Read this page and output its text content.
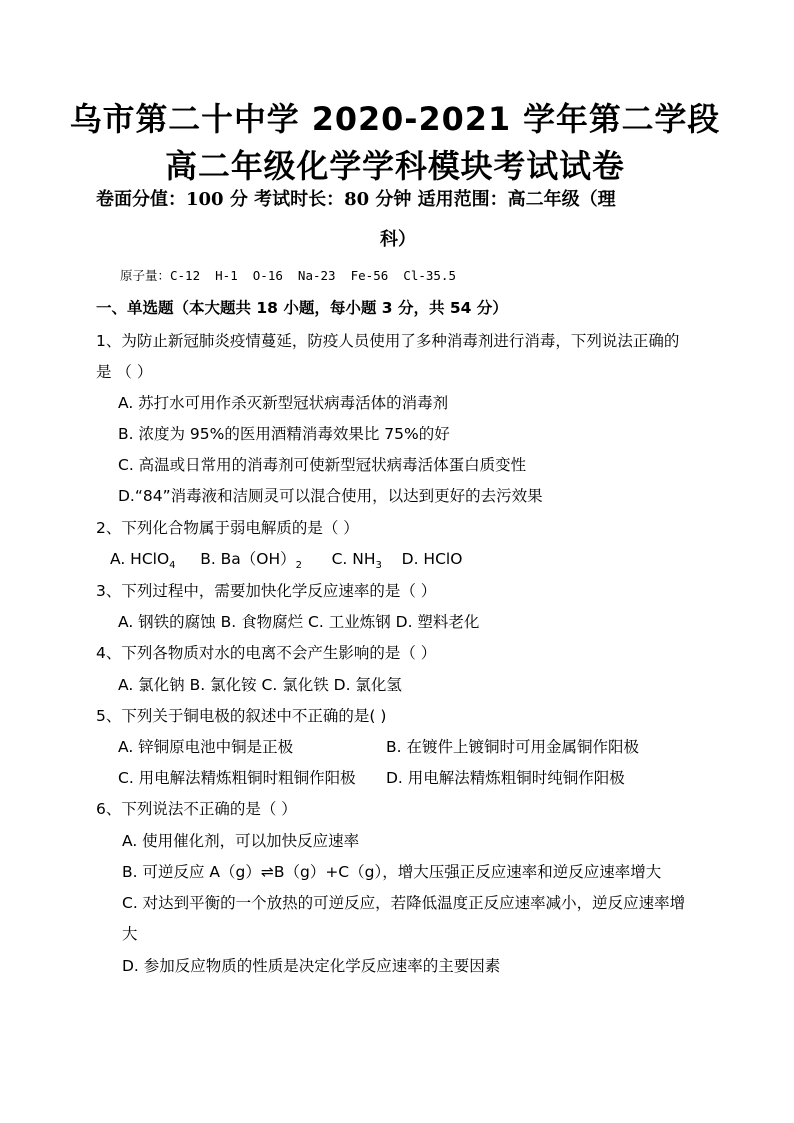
乌市第二十中学 2020-2021 学年第二学段
高二年级化学学科模块考试试卷
卷面分值：100 分 考试时长：80 分钟 适用范围：高二年级（理
科）
原子量：C-12  H-1  O-16  Na-23  Fe-56  Cl-35.5
一、单选题（本大题共 18 小题，每小题 3 分，共 54 分）
1、为防止新冠肺炎疫情蔓延，防疫人员使用了多种消毒剂进行消毒，下列说法正确的
是 （ ）
A. 苏打水可用作杀灭新型冠状病毒活体的消毒剂
B. 浓度为 95%的医用酒精消毒效果比 75%的好
C. 高温或日常用的消毒剂可使新型冠状病毒活体蛋白质变性
D.“84”消毒液和洁厕灵可以混合使用，以达到更好的去污效果
2、下列化合物属于弱电解质的是（ ）
A. HClO$_4$ B. $Ba(OH)_2$ C. $NH_3$ D. HClO
3、下列过程中，需要加快化学反应速率的是（ ）
A. 钢铁的腐蚀 B. 食物腐烂 C. 工业炼钢 D. 塑料老化
4、下列各物质对水的电离不会产生影响的是（ ）
A. 氯化钠 B. 氯化铵 C. 氯化铁 D. 氯化氢
5、下列关于铜电极的叙述中不正确的是( )
A. 锌铜原电池中铜是正极	B. 在镀件上镀铜时可用金属铜作阳极
C. 用电解法精炼粗铜时粗铜作阳极 D. 用电解法精炼粗铜时纯铜作阳极
6、下列说法不正确的是（ ）
A. 使用催化剂，可以加快反应速率
B. 可逆反应 A（g）⇌B（g）+C（g），增大压强正反应速率和逆反应速率增大
C. 对达到平衡的一个放热的可逆反应，若降低温度正反应速率减小，逆反应速率增
大
D. 参加反应物质的性质是决定化学反应速率的主要因素
